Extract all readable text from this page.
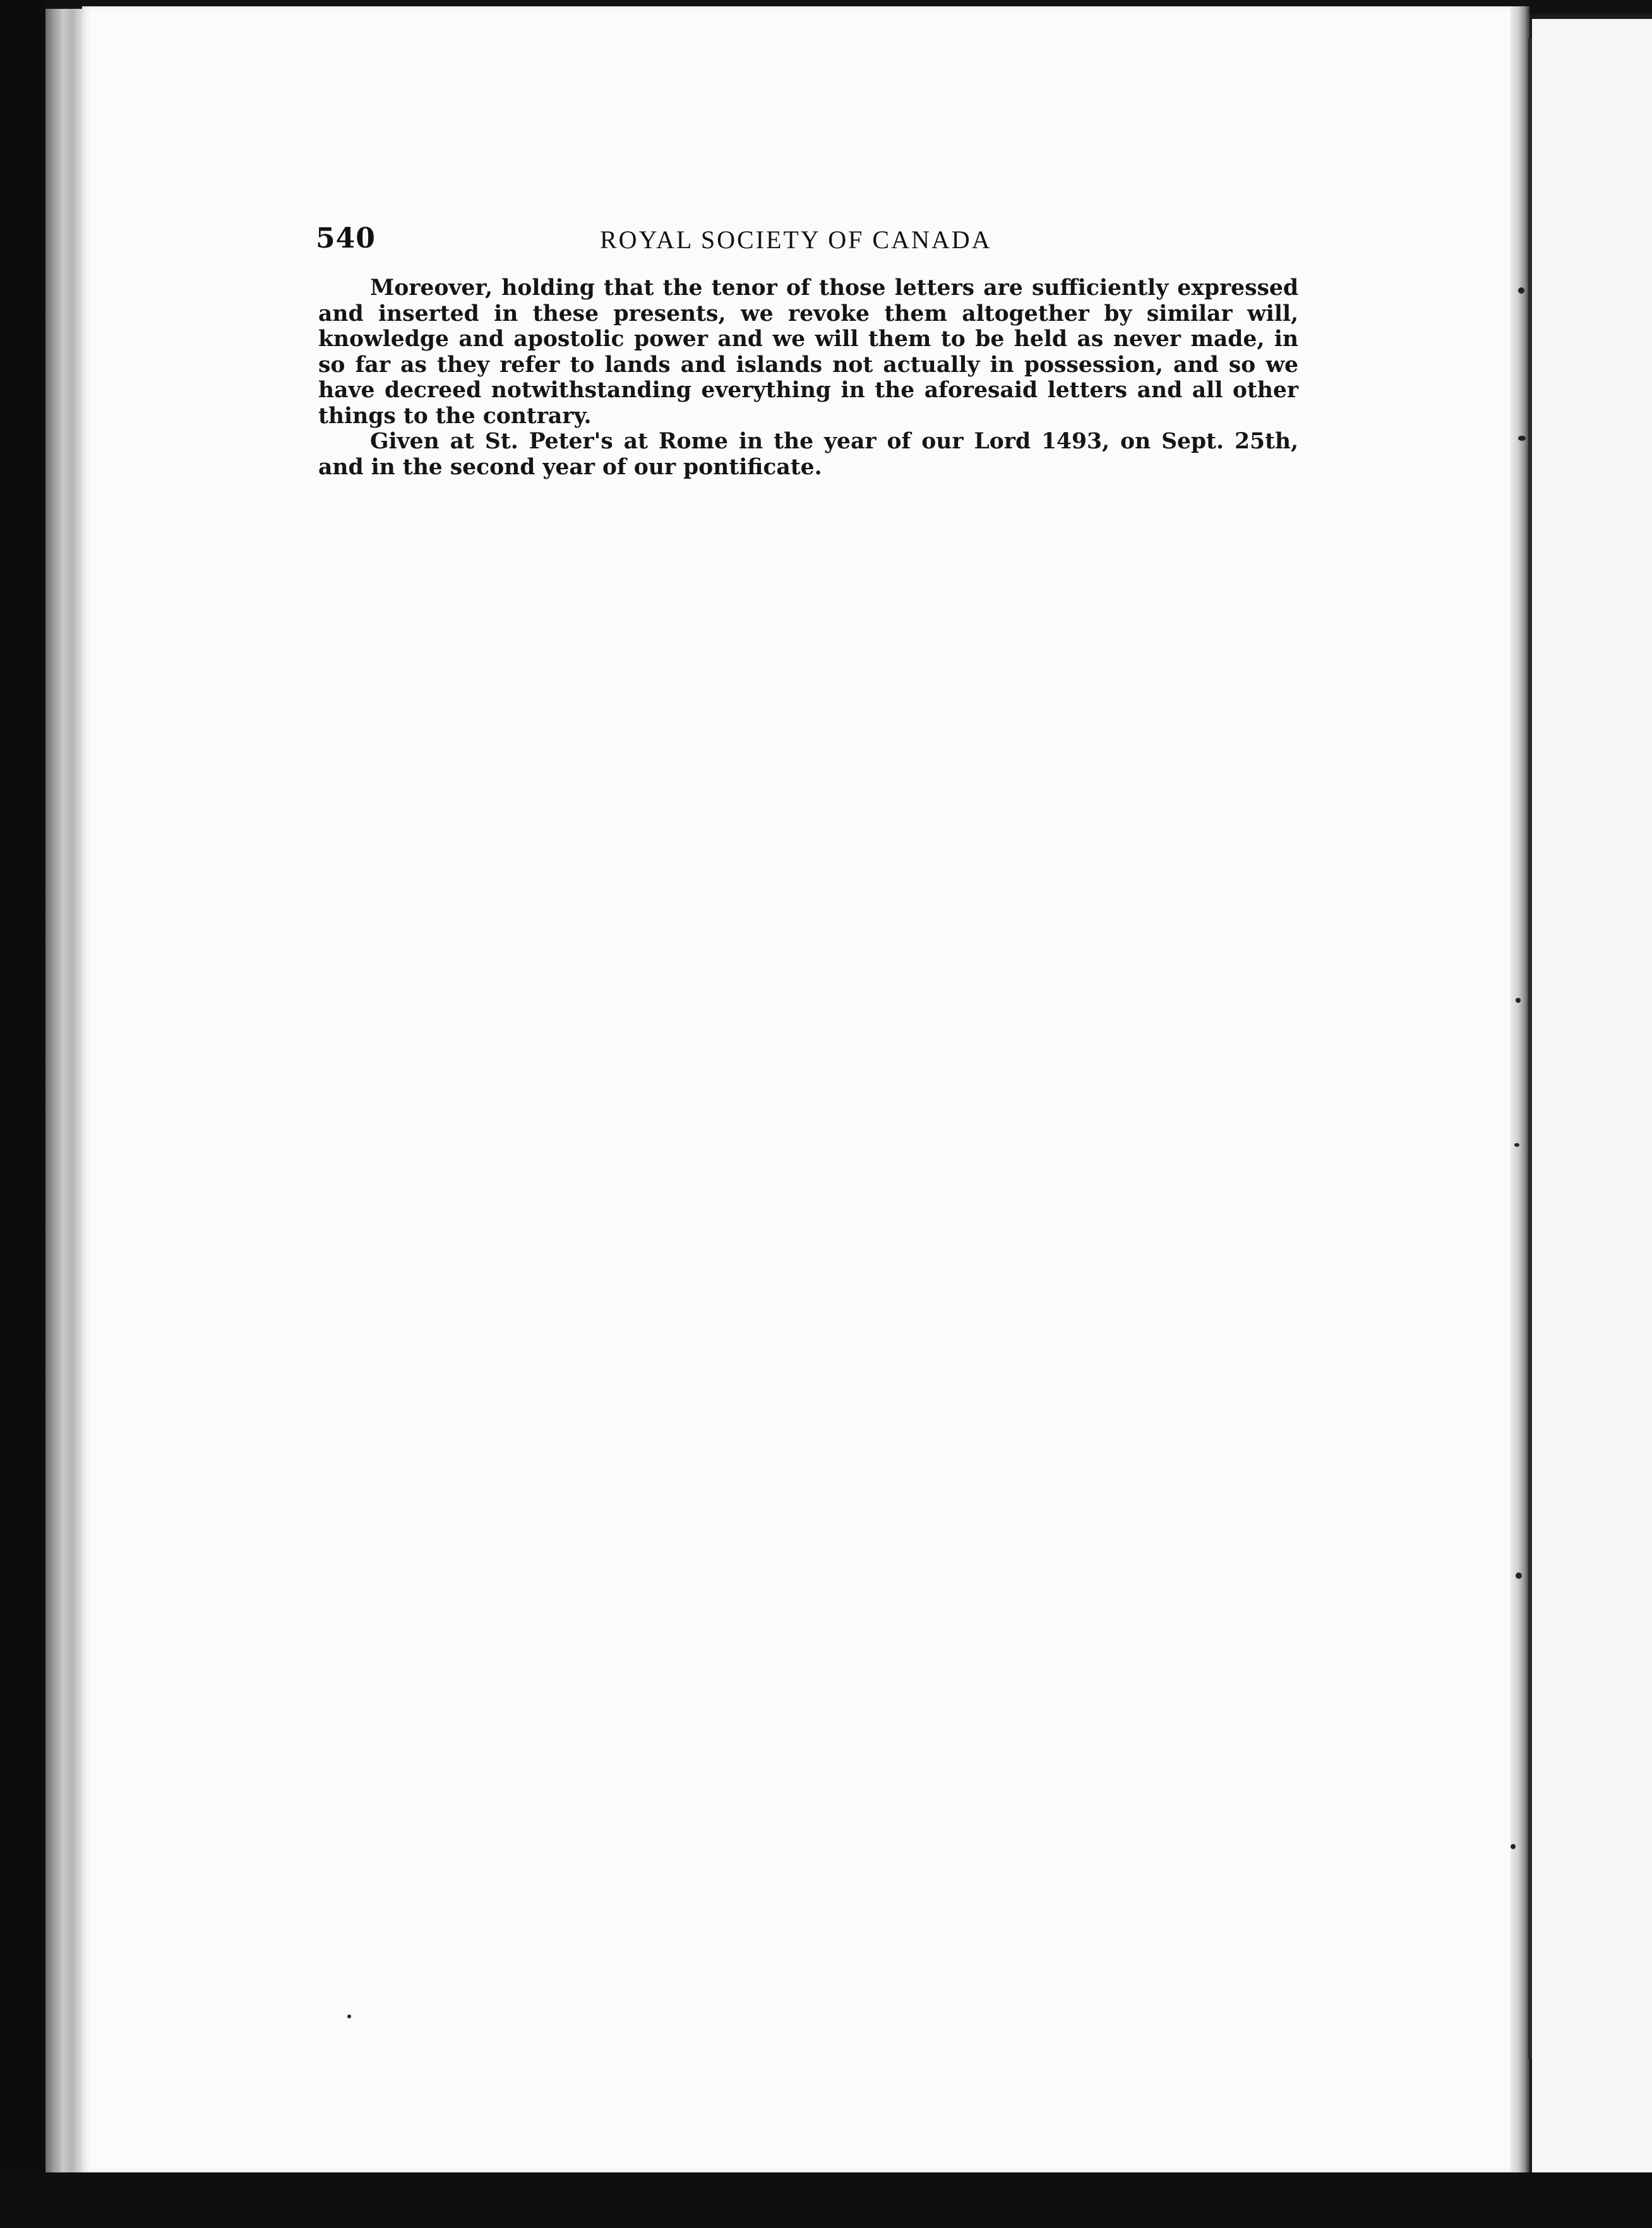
540	ROYAL SOCIETY OF CANADA

Moreover, holding that the tenor of those letters are sufficiently expressed and inserted in these presents, we revoke them altogether by similar will, knowledge and apostolic power and we will them to be held as never made, in so far as they refer to lands and islands not actually in possession, and so we have decreed notwithstanding everything in the aforesaid letters and all other things to the contrary.

Given at St. Peter's at Rome in the year of our Lord 1493, on Sept. 25th, and in the second year of our pontificate.
